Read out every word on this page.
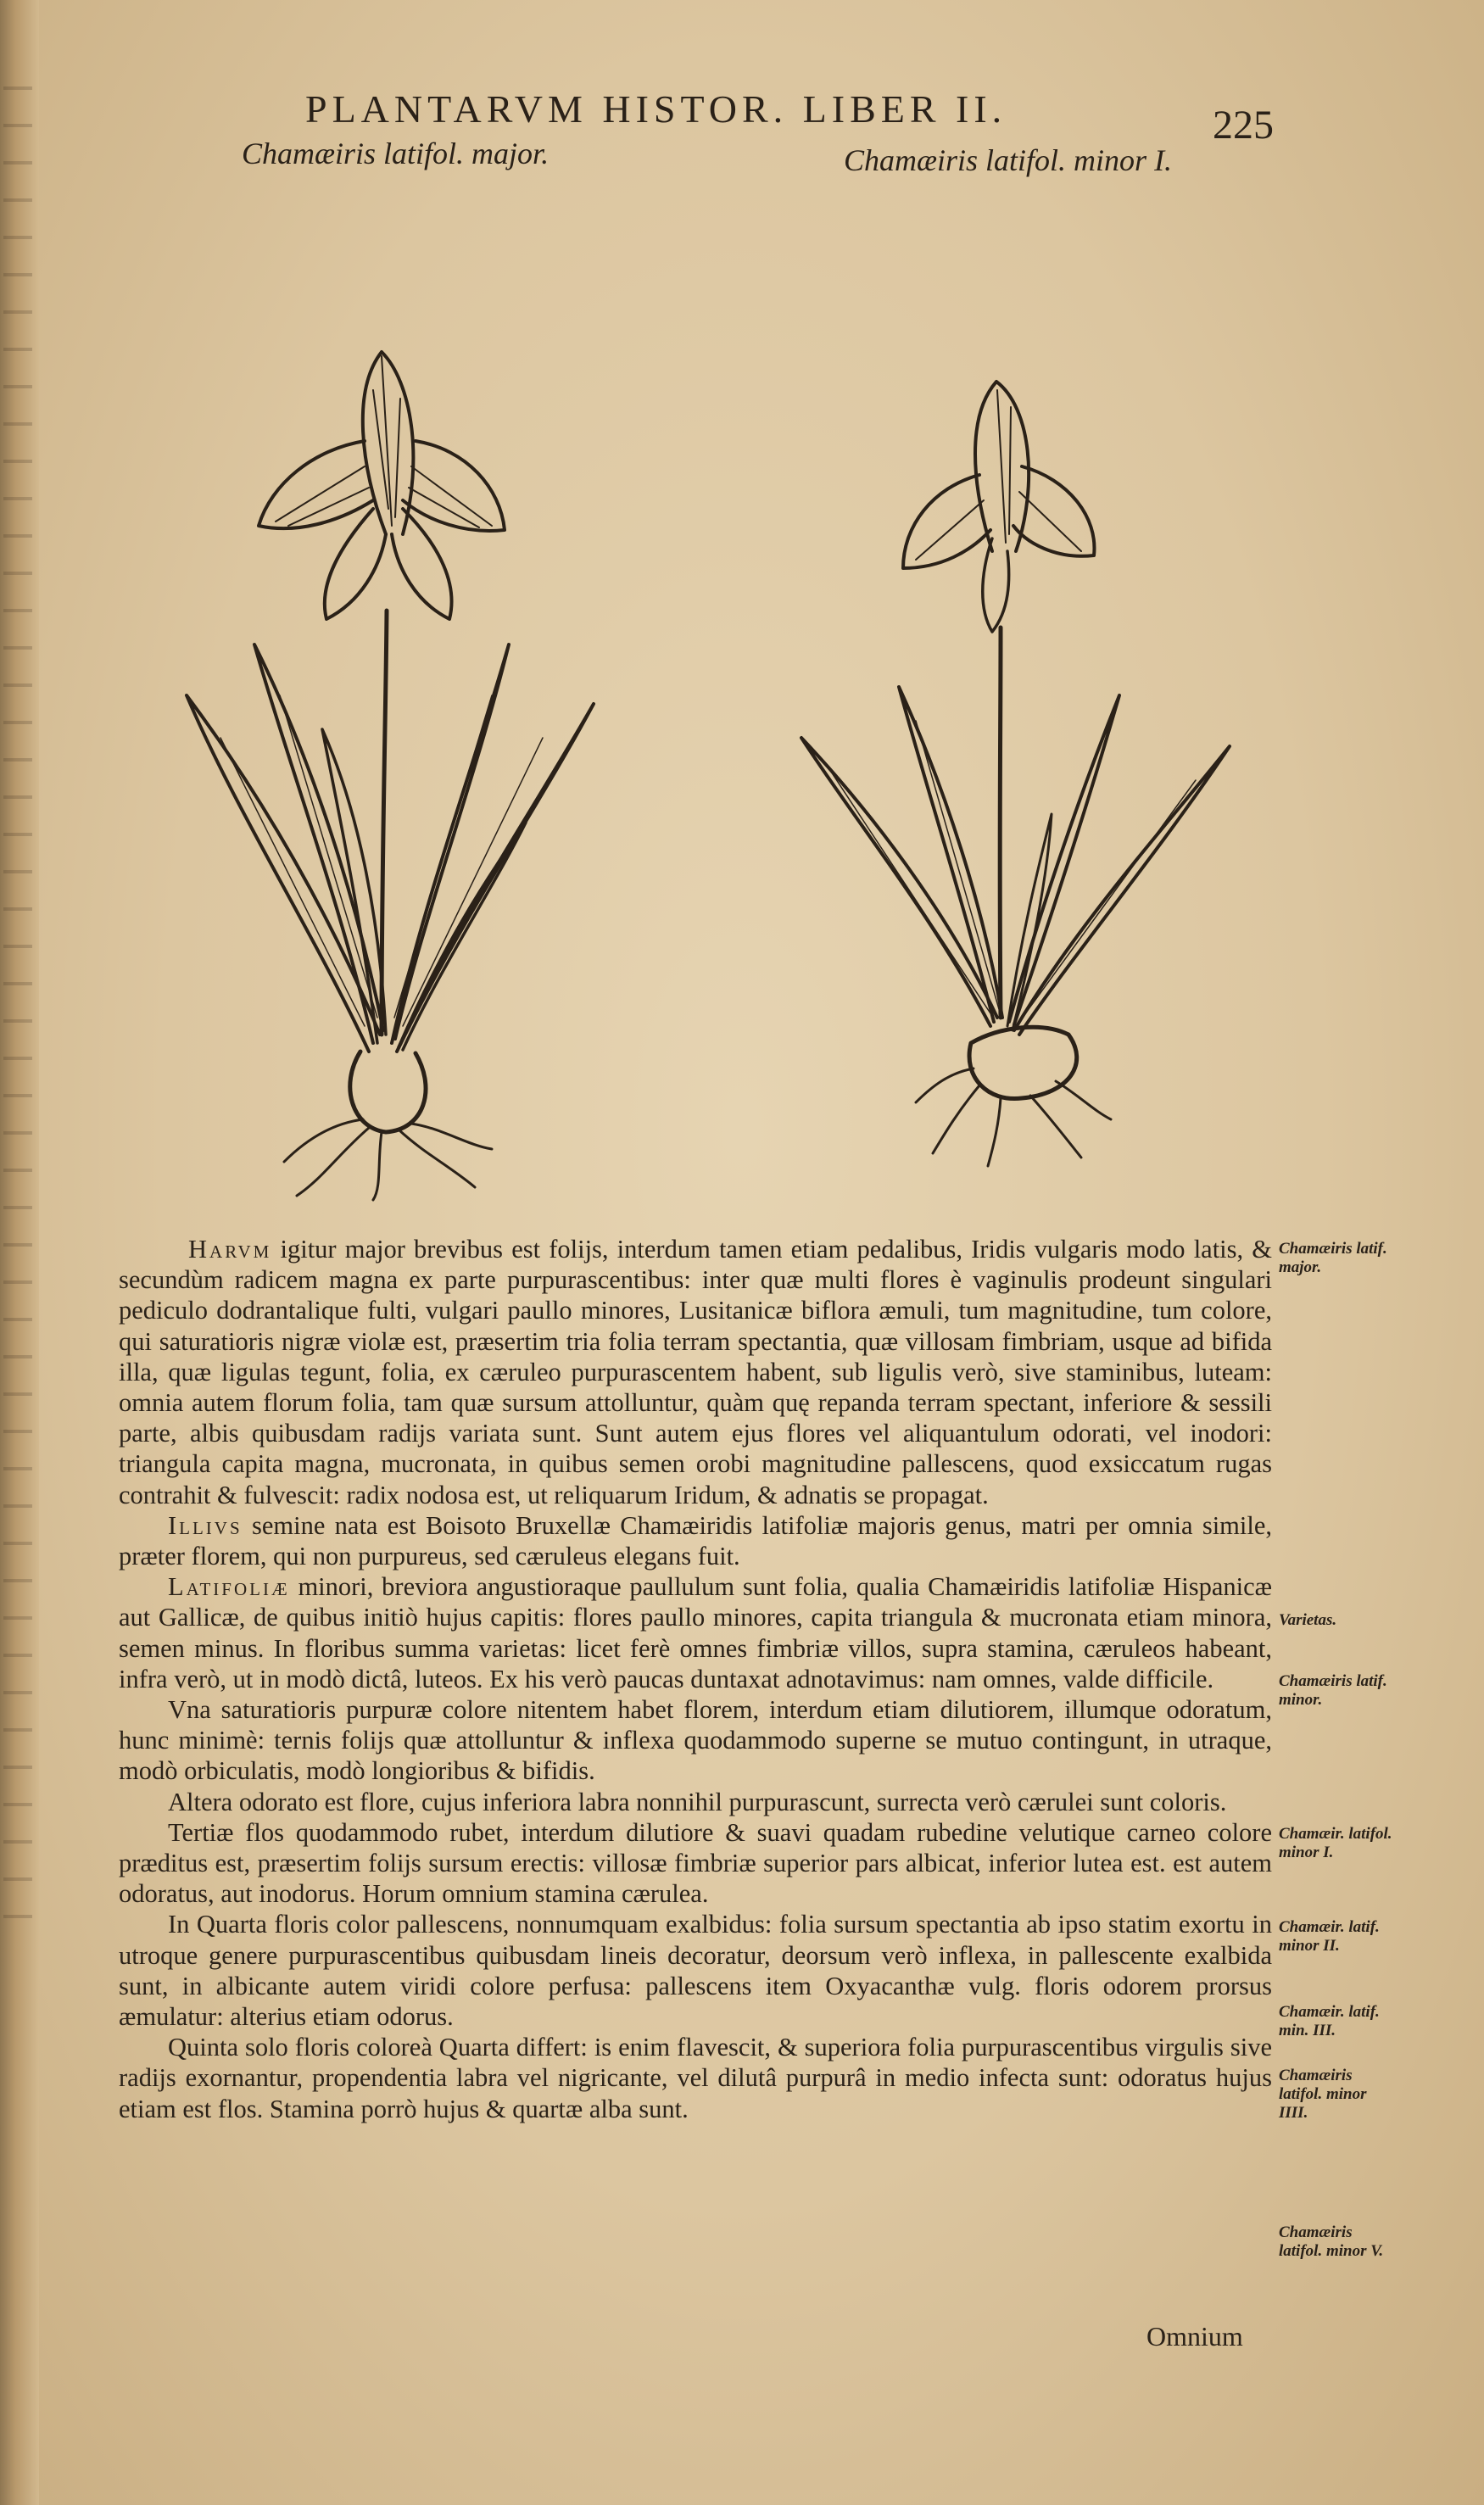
PLANTARVM HISTOR. LIBER II.	225
Chamæiris latifol. major.	Chamæiris latifol. minor I.

Harvm igitur major brevibus est folijs, interdum tamen etiam pedalibus, Iridis vulgaris modo latis, & secundùm radicem magna ex parte purpurascentibus: inter quæ multi flores è vaginulis prodeunt singulari pediculo dodrantalique fulti, vulgari paullo minores, Lusitanicæ biflora æmuli, tum magnitudine, tum colore, qui saturatioris nigræ violæ est, præsertim tria folia terram spectantia, quæ villosam fimbriam, usque ad bifida illa, quæ ligulas tegunt, folia, ex cæruleo purpurascentem habent, sub ligulis verò, sive staminibus, luteam: omnia autem florum folia, tam quæ sursum attolluntur, quàm quę repanda terram spectant, inferiore & sessili parte, albis quibusdam radijs variata sunt. Sunt autem ejus flores vel aliquantulum odorati, vel inodori: triangula capita magna, mucronata, in quibus semen orobi magnitudine pallescens, quod exsiccatum rugas contrahit & fulvescit: radix nodosa est, ut reliquarum Iridum, & adnatis se propagat.

Illivs semine nata est Boisoto Bruxellæ Chamæiridis latifoliæ majoris genus, matri per omnia simile, præter florem, qui non purpureus, sed cæruleus elegans fuit.

Latifoliæ minori, breviora angustioraque paullulum sunt folia, qualia Chamæiridis latifoliæ Hispanicæ aut Gallicæ, de quibus initiò hujus capitis: flores paullo minores, capita triangula & mucronata etiam minora, semen minus. In floribus summa varietas: licet ferè omnes fimbriæ villos, supra stamina, cæruleos habeant, infra verò, ut in modò dictâ, luteos. Ex his verò paucas duntaxat adnotavimus: nam omnes, valde difficile.

Vna saturatioris purpuræ colore nitentem habet florem, interdum etiam dilutiorem, illumque odoratum, hunc minimè: ternis folijs quæ attolluntur & inflexa quodammodo superne se mutuo contingunt, in utraque, modò orbiculatis, modò longioribus & bifidis.

Altera odorato est flore, cujus inferiora labra nonnihil purpurascunt, surrecta verò cærulei sunt coloris.

Tertiæ flos quodammodo rubet, interdum dilutiore & suavi quadam rubedine velutique carneo colore præditus est, præsertim folijs sursum erectis: villosæ fimbriæ superior pars albicat, inferior lutea est. est autem odoratus, aut inodorus. Horum omnium stamina cærulea.

In Quarta floris color pallescens, nonnumquam exalbidus: folia sursum spectantia ab ipso statim exortu in utroque genere purpurascentibus quibusdam lineis decoratur, deorsum verò inflexa, in pallescente exalbida sunt, in albicante autem viridi colore perfusa: pallescens item Oxyacanthæ vulg. floris odorem prorsus æmulatur: alterius etiam odorus.

Quinta solo floris coloreà Quarta differt: is enim flavescit, & superiora folia purpurascentibus virgulis sive radijs exornantur, propendentia labra vel nigricante, vel dilutâ purpurâ in medio infecta sunt: odoratus hujus etiam est flos. Stamina porrò hujus & quartæ alba sunt.

Chamæiris latif. major.
Varietas.
Chamæiris latif. minor.
Chamæir. latifol. minor I.
Chamæir. latif. minor II.
Chamæir. latif. min. III.
Chamæiris latifol. minor IIII.
Chamæiris latifol. minor V.
Omnium
